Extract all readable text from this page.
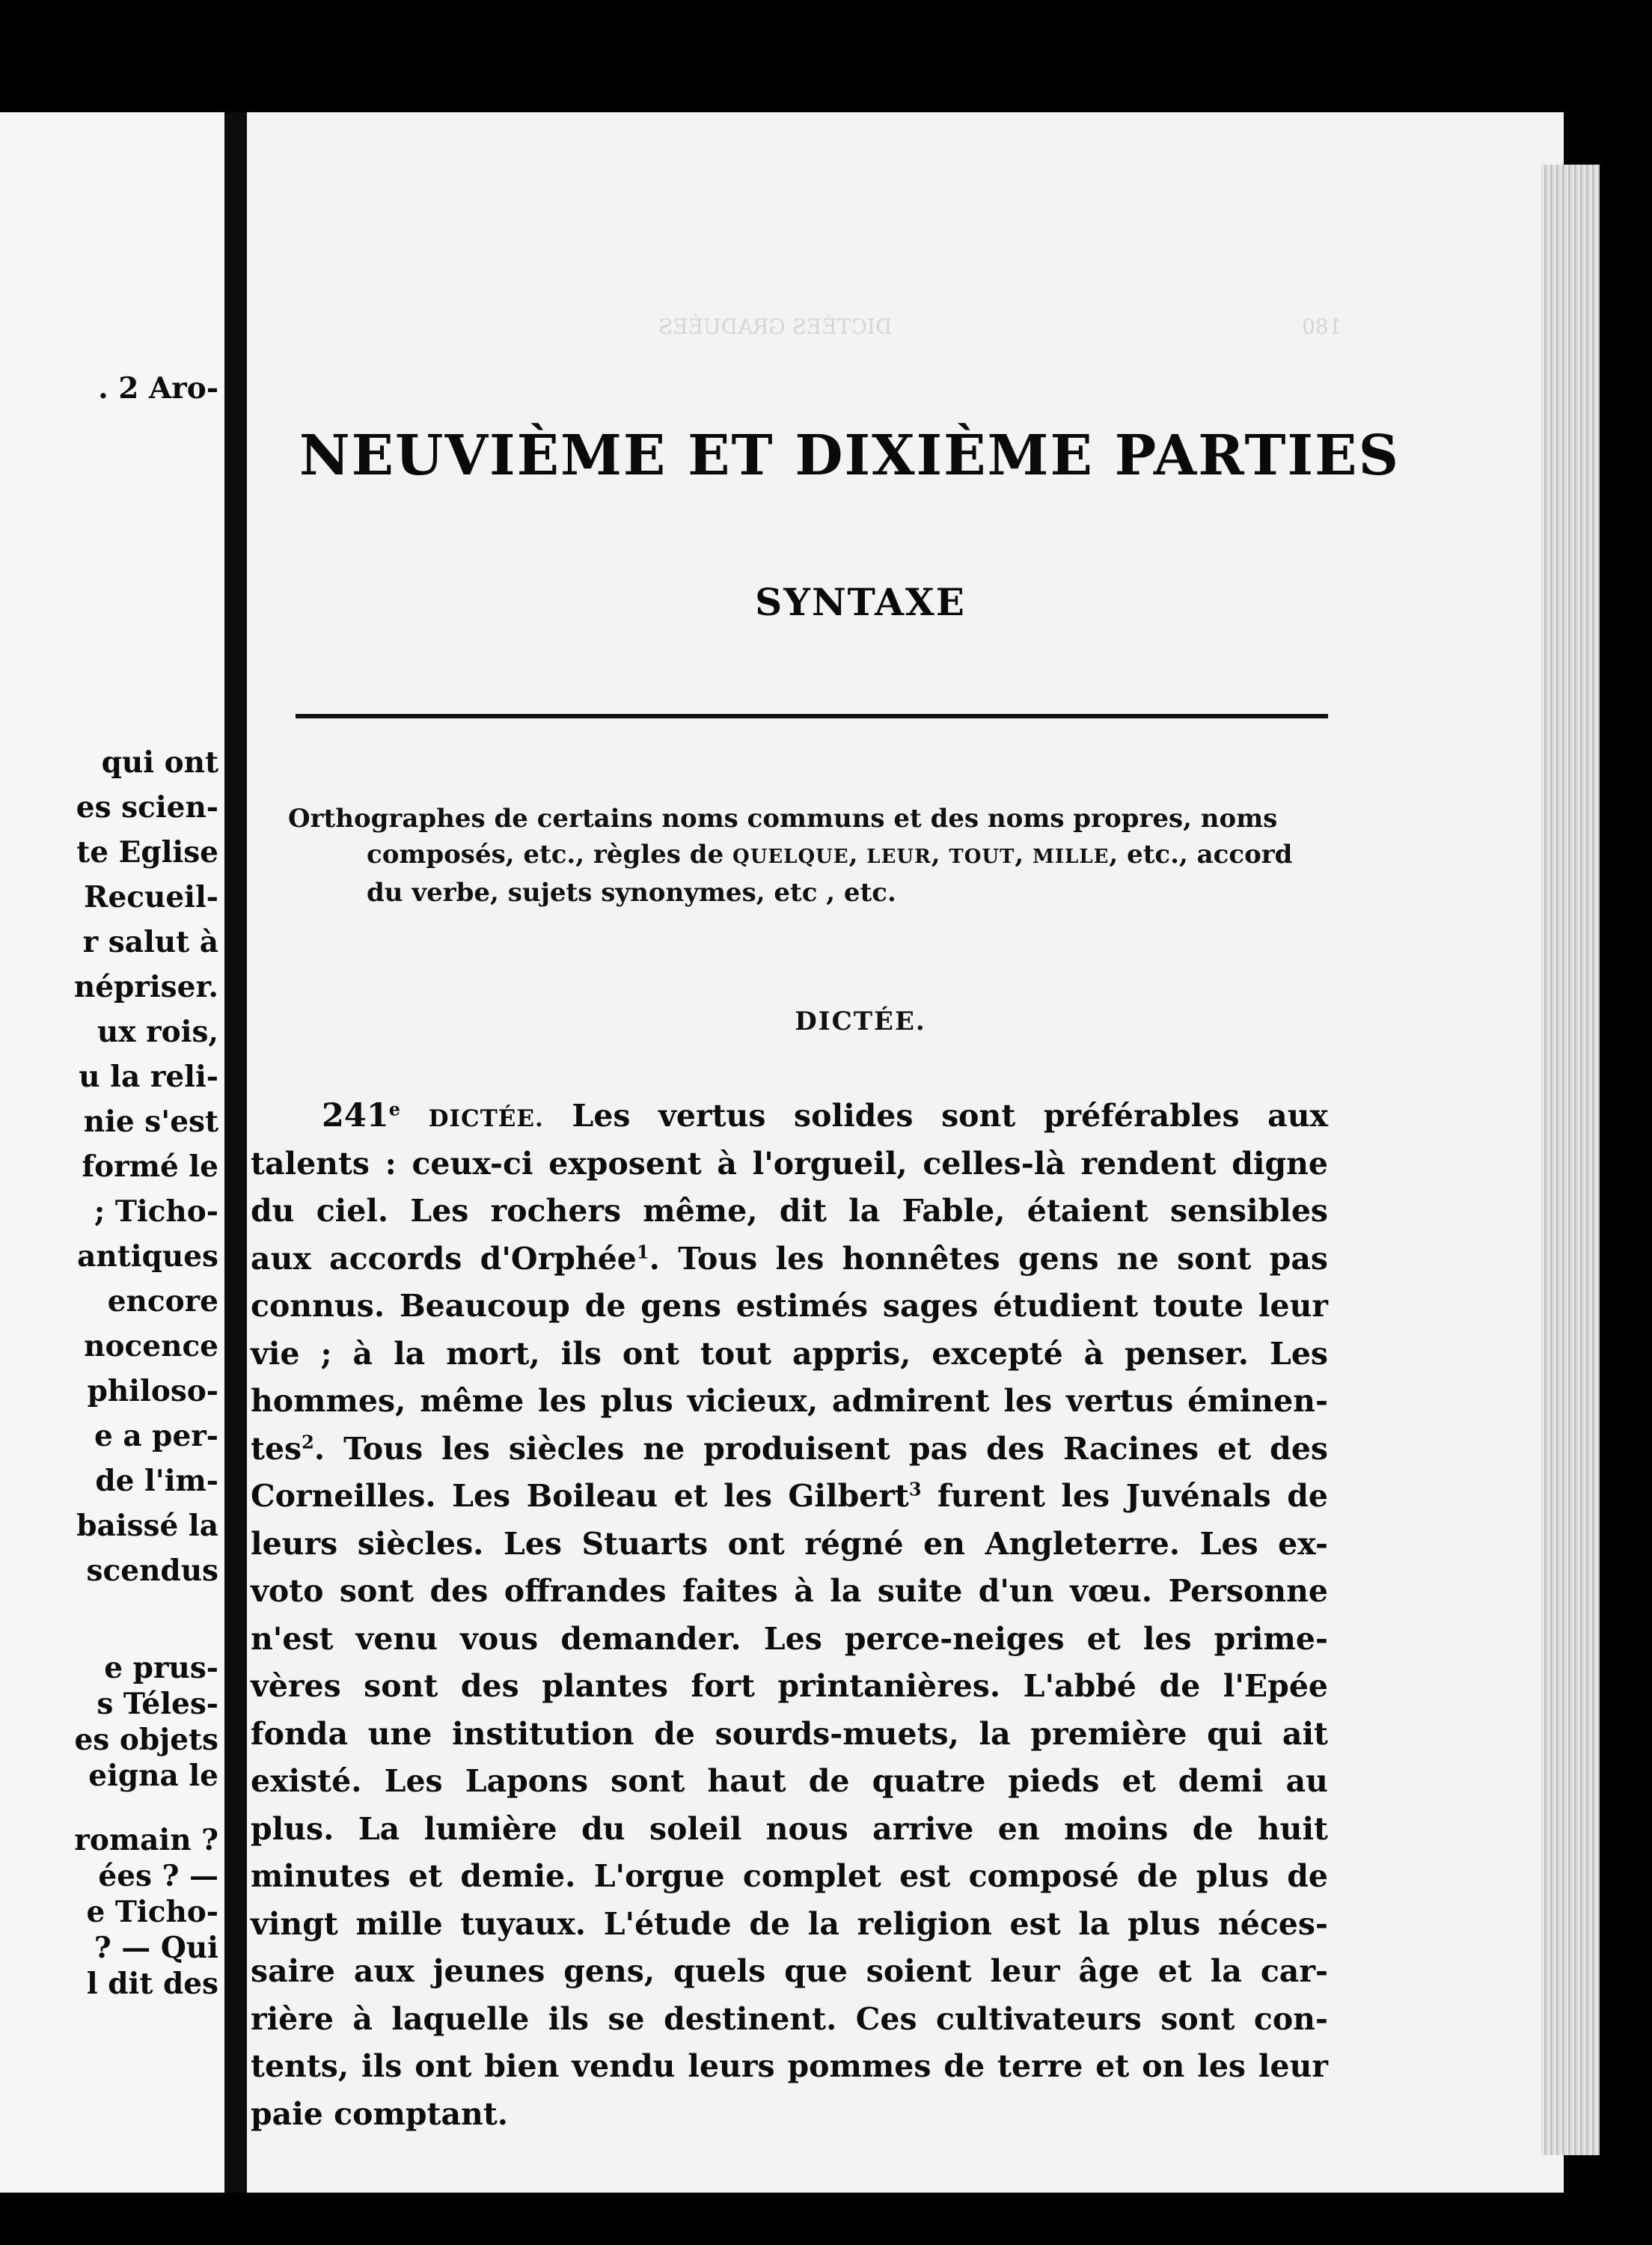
. 2 Aro-
qui ont
es scien-
te Eglise
Recueil-
r salut à
népriser.
ux rois,
u la reli-
nie s'est
formé le
; Ticho-
antiques
encore
nocence
philoso-
e a per-
de l'im-
baissé la
scendus
e prus-
s Téles-
es objets
eigna le
romain ?
ées ? —
e Ticho-
? — Qui
l dit des
DICTÉES GRADUÉES	180
NEUVIÈME ET DIXIÈME PARTIES
SYNTAXE
Orthographes de certains noms communs et des noms propres, noms
composés, etc., règles de QUELQUE, LEUR, TOUT, MILLE, etc., accord
du verbe, sujets synonymes, etc , etc.
DICTÉE.
241e DICTÉE. Les vertus solides sont préférables aux
talents : ceux-ci exposent à l'orgueil, celles-là rendent digne
du ciel. Les rochers même, dit la Fable, étaient sensibles
aux accords d'Orphée$^1$. Tous les honnêtes gens ne sont pas
connus. Beaucoup de gens estimés sages étudient toute leur
vie ; à la mort, ils ont tout appris, excepté à penser. Les
hommes, même les plus vicieux, admirent les vertus éminen-
tes$^2$. Tous les siècles ne produisent pas des Racines et des
Corneilles. Les Boileau et les Gilbert$^3$ furent les Juvénals de
leurs siècles. Les Stuarts ont régné en Angleterre. Les ex-
voto sont des offrandes faites à la suite d'un vœu. Personne
n'est venu vous demander. Les perce-neiges et les prime-
vères sont des plantes fort printanières. L'abbé de l'Epée
fonda une institution de sourds-muets, la première qui ait
existé. Les Lapons sont haut de quatre pieds et demi au
plus. La lumière du soleil nous arrive en moins de huit
minutes et demie. L'orgue complet est composé de plus de
vingt mille tuyaux. L'étude de la religion est la plus néces-
saire aux jeunes gens, quels que soient leur âge et la car-
rière à laquelle ils se destinent. Ces cultivateurs sont con-
tents, ils ont bien vendu leurs pommes de terre et on les leur
paie comptant.
